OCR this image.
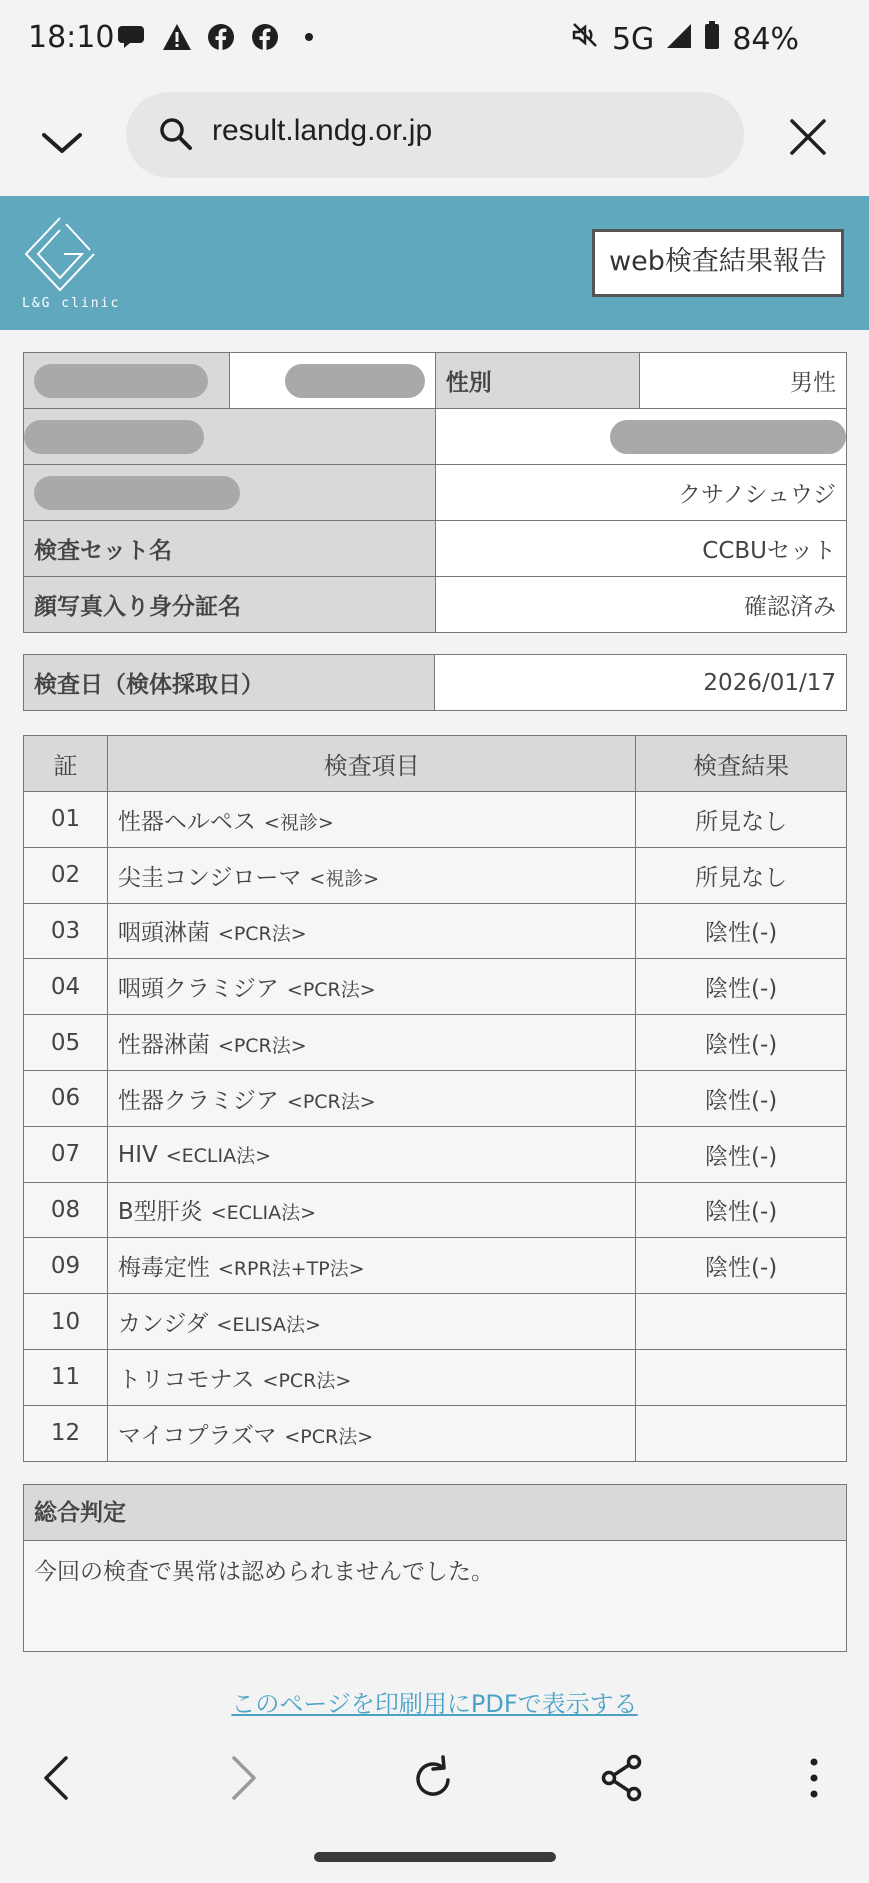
18:10	5G	84%
result.landg.or.jp
L&G clinic
web検査結果報告
		性別	男性

		クサノシュウジ	
検査セット名		CCBUセット	
顔写真入り身分証名		確認済み	
検査日（検体採取日）	2026/01/17
証	検査項目	検査結果
01	性器ヘルペス <視診>	所見なし
02	尖圭コンジローマ <視診>	所見なし
03	咽頭淋菌 <PCR法>	陰性(-)
04	咽頭クラミジア <PCR法>	陰性(-)
05	性器淋菌 <PCR法>	陰性(-)
06	性器クラミジア <PCR法>	陰性(-)
07	HIV <ECLIA法>	陰性(-)
08	B型肝炎 <ECLIA法>	陰性(-)
09	梅毒定性 <RPR法+TP法>	陰性(-)
10	カンジダ <ELISA法>	
11	トリコモナス <PCR法>	
12	マイコプラズマ <PCR法>	
総合判定
今回の検査で異常は認められませんでした。
このページを印刷用にPDFで表示する
